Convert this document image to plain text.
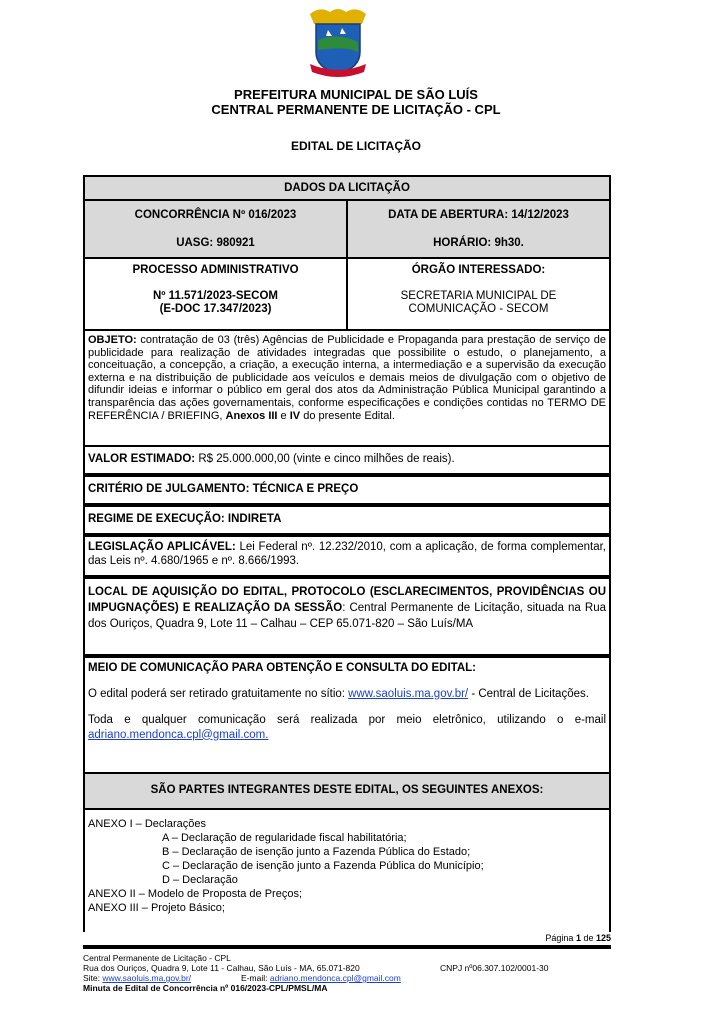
PREFEITURA MUNICIPAL DE SÃO LUÍS
CENTRAL PERMANENTE DE LICITAÇÃO - CPL
EDITAL DE LICITAÇÃO
DADOS DA LICITAÇÃO
CONCORRÊNCIA Nº 016/2023
UASG: 980921
DATA DE ABERTURA: 14/12/2023
HORÁRIO: 9h30.
PROCESSO ADMINISTRATIVO
Nº 11.571/2023-SECOM
(E-DOC 17.347/2023)
ÓRGÃO INTERESSADO:
SECRETARIA MUNICIPAL DE
COMUNICAÇÃO - SECOM
OBJETO: contratação de 03 (três) Agências de Publicidade e Propaganda para prestação de serviço de publicidade para realização de atividades integradas que possibilite o estudo, o planejamento, a conceituação, a concepção, a criação, a execução interna, a intermediação e a supervisão da execução externa e na distribuição de publicidade aos veículos e demais meios de divulgação com o objetivo de difundir ideias e informar o público em geral dos atos da Administração Pública Municipal garantindo a transparência das ações governamentais, conforme especificações e condições contidas no TERMO DE REFERÊNCIA / BRIEFING, Anexos III e IV do presente Edital.
VALOR ESTIMADO: R$ 25.000.000,00 (vinte e cinco milhões de reais).
CRITÉRIO DE JULGAMENTO: TÉCNICA E PREÇO
REGIME DE EXECUÇÃO: INDIRETA
LEGISLAÇÃO APLICÁVEL: Lei Federal nº. 12.232/2010, com a aplicação, de forma complementar, das Leis nº. 4.680/1965 e nº. 8.666/1993.
LOCAL DE AQUISIÇÃO DO EDITAL, PROTOCOLO (ESCLARECIMENTOS, PROVIDÊNCIAS OU IMPUGNAÇÕES) E REALIZAÇÃO DA SESSÃO: Central Permanente de Licitação, situada na Rua dos Ouriços, Quadra 9, Lote 11 – Calhau – CEP 65.071-820 – São Luís/MA
MEIO DE COMUNICAÇÃO PARA OBTENÇÃO E CONSULTA DO EDITAL:
O edital poderá ser retirado gratuitamente no sítio: www.saoluis.ma.gov.br/ - Central de Licitações.
Toda e qualquer comunicação será realizada por meio eletrônico, utilizando o e-mail adriano.mendonca.cpl@gmail.com.
SÃO PARTES INTEGRANTES DESTE EDITAL, OS SEGUINTES ANEXOS:
ANEXO I – Declarações
A – Declaração de regularidade fiscal habilitatória;
B – Declaração de isenção junto a Fazenda Pública do Estado;
C – Declaração de isenção junto a Fazenda Pública do Município;
D – Declaração
ANEXO II – Modelo de Proposta de Preços;
ANEXO III – Projeto Básico;
Página 1 de 125
Central Permanente de Licitação - CPL
Rua dos Ouriços, Quadra 9, Lote 11 - Calhau, São Luís - MA, 65.071-820	CNPJ nº06.307.102/0001-30
Site: www.saoluis.ma.gov.br/	E-mail: adriano.mendonca.cpl@gmail.com
Minuta de Edital de Concorrência nº 016/2023-CPL/PMSL/MA
